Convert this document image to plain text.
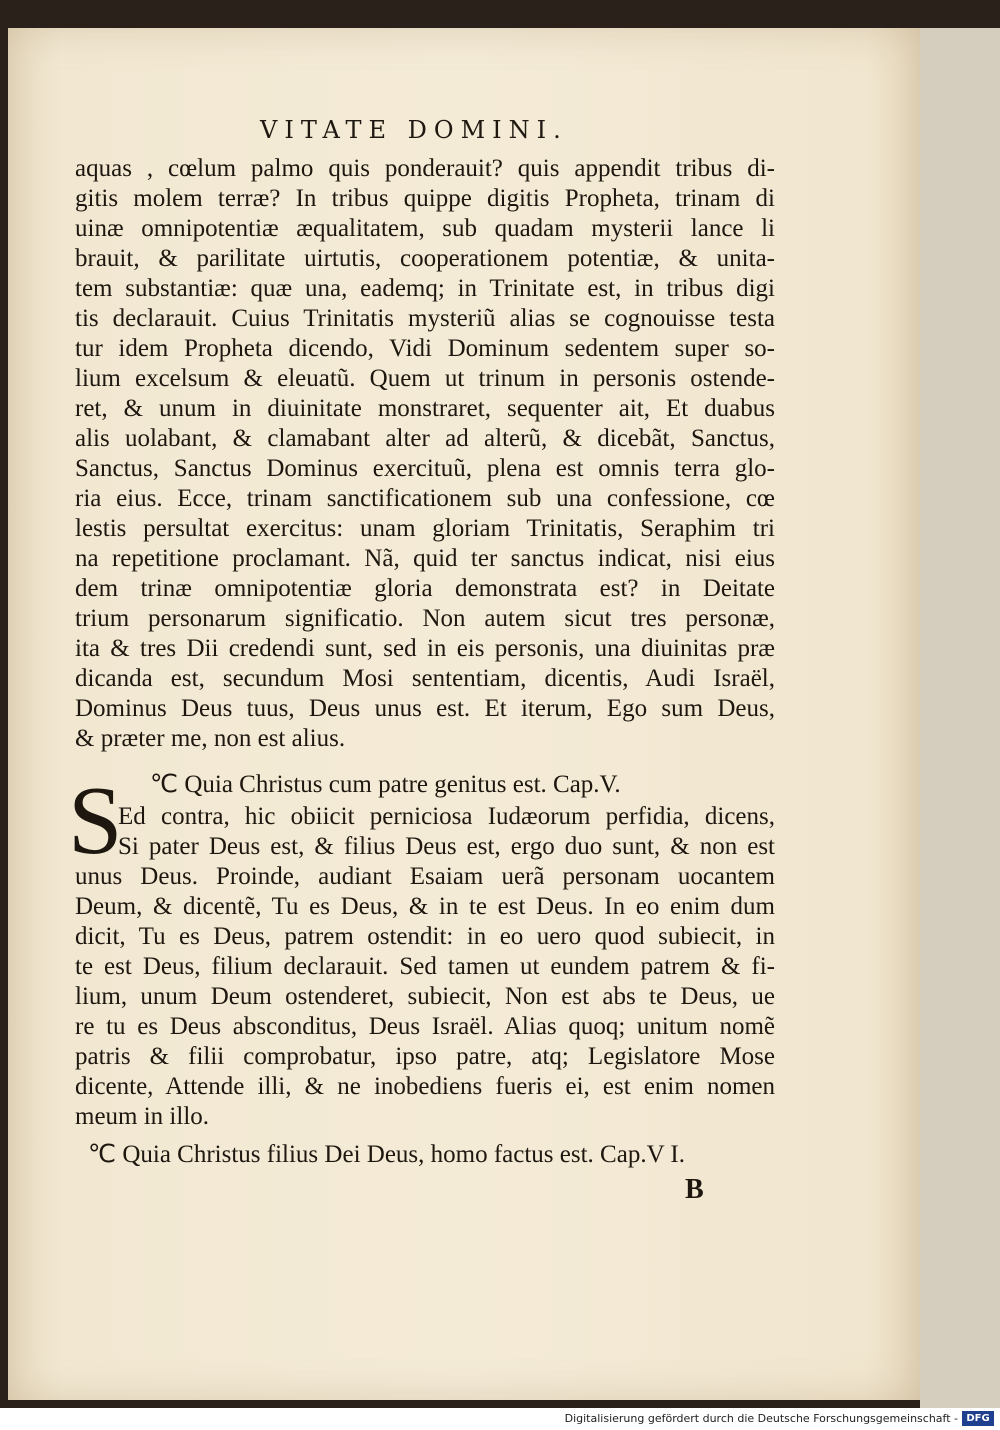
VITATE DOMINI.
aquas , cœlum palmo quis ponderauit? quis appendit tribus di-
gitis molem terræ? In tribus quippe digitis Propheta, trinam di
uinæ omnipotentiæ æqualitatem, sub quadam mysterii lance li
brauit, & parilitate uirtutis, cooperationem potentiæ, & unita-
tem substantiæ: quæ una, eademq; in Trinitate est, in tribus digi
tis declarauit. Cuius Trinitatis mysteriũ alias se cognouisse testa
tur idem Propheta dicendo, Vidi Dominum sedentem super so-
lium excelsum & eleuatũ. Quem ut trinum in personis ostende-
ret, & unum in diuinitate monstraret, sequenter ait, Et duabus
alis uolabant, & clamabant alter ad alterũ, & dicebãt, Sanctus,
Sanctus, Sanctus Dominus exercituũ, plena est omnis terra glo-
ria eius. Ecce, trinam sanctificationem sub una confessione, cœ
lestis persultat exercitus: unam gloriam Trinitatis, Seraphim tri
na repetitione proclamant. Nã, quid ter sanctus indicat, nisi eius
dem trinæ omnipotentiæ gloria demonstrata est? in Deitate
trium personarum significatio. Non autem sicut tres personæ,
ita & tres Dii credendi sunt, sed in eis personis, una diuinitas præ
dicanda est, secundum Mosi sententiam, dicentis, Audi Israël,
Dominus Deus tuus, Deus unus est. Et iterum, Ego sum Deus,
& præter me, non est alius.
℃ Quia Christus cum patre genitus est. Cap.V.
S
Ed contra, hic obiicit perniciosa Iudæorum perfidia, dicens,
Si pater Deus est, & filius Deus est, ergo duo sunt, & non est
unus Deus. Proinde, audiant Esaiam uerã personam uocantem
Deum, & dicentẽ, Tu es Deus, & in te est Deus. In eo enim dum
dicit, Tu es Deus, patrem ostendit: in eo uero quod subiecit, in
te est Deus, filium declarauit. Sed tamen ut eundem patrem & fi-
lium, unum Deum ostenderet, subiecit, Non est abs te Deus, ue
re tu es Deus absconditus, Deus Israël. Alias quoq; unitum nomẽ
patris & filii comprobatur, ipso patre, atq; Legislatore Mose
dicente, Attende illi, & ne inobediens fueris ei, est enim nomen
meum in illo.
℃ Quia Christus filius Dei Deus, homo factus est. Cap.V I.
B
Digitalisierung gefördert durch die Deutsche Forschungsgemeinschaft - DFG
